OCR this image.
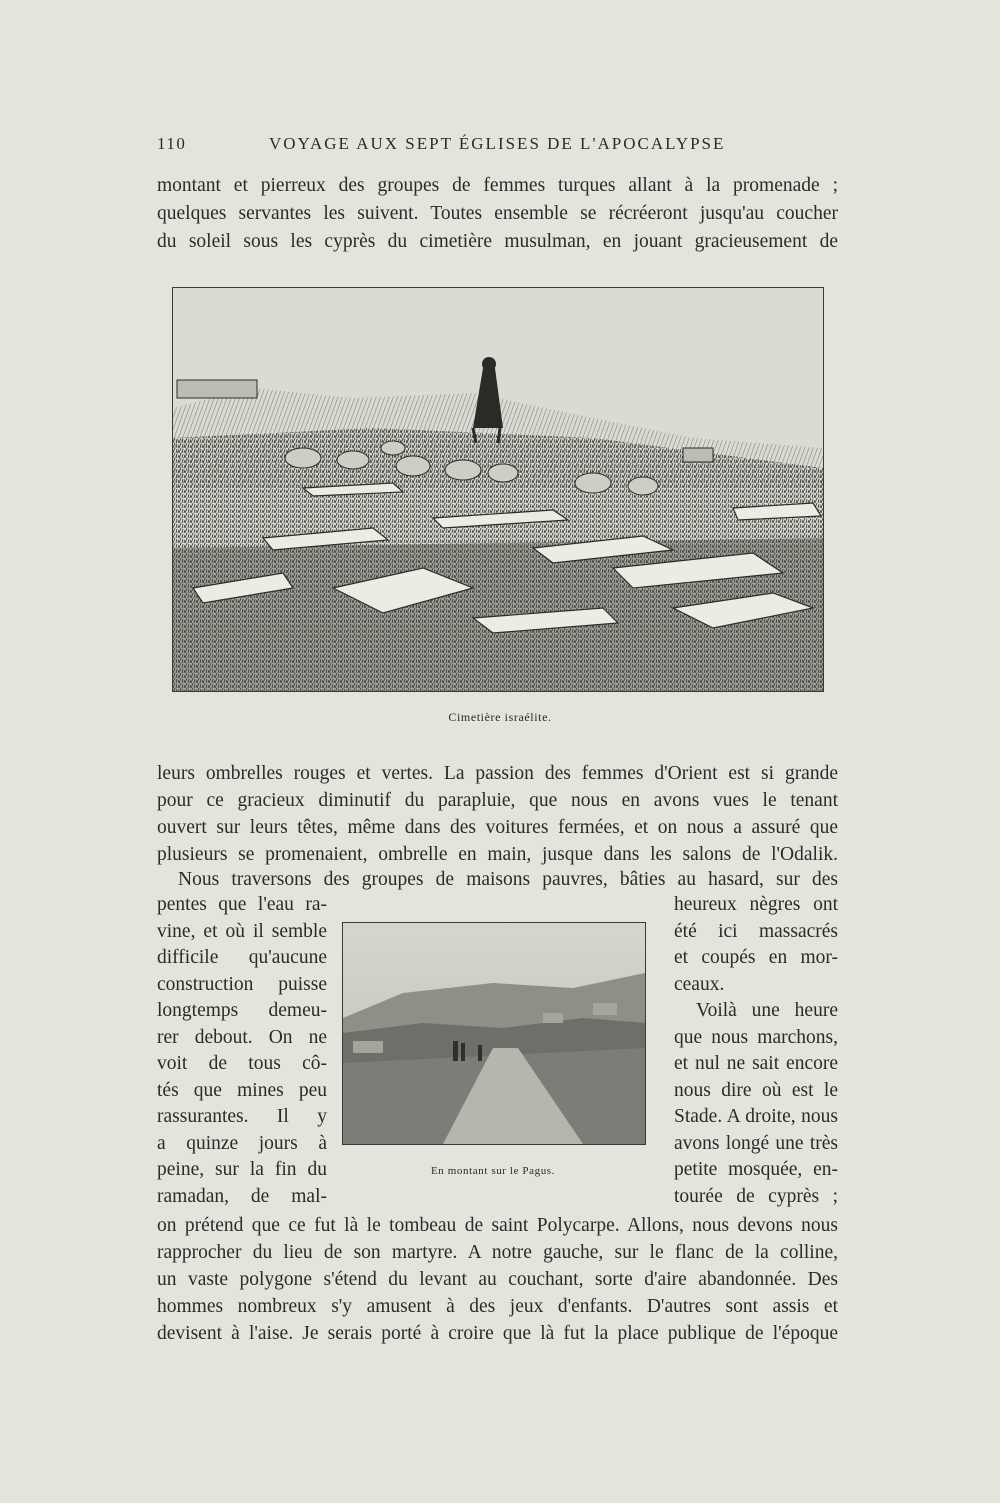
110	VOYAGE AUX SEPT ÉGLISES DE L'APOCALYPSE
montant et pierreux des groupes de femmes turques allant à la promenade ;
quelques servantes les suivent. Toutes ensemble se récréeront jusqu'au coucher
du soleil sous les cyprès du cimetière musulman, en jouant gracieusement de
Cimetière israélite.
leurs ombrelles rouges et vertes. La passion des femmes d'Orient est si grande
pour ce gracieux diminutif du parapluie, que nous en avons vues le tenant
ouvert sur leurs têtes, même dans des voitures fermées, et on nous a assuré que
plusieurs se promenaient, ombrelle en main, jusque dans les salons de l'Odalik.
Nous traversons des groupes de maisons pauvres, bâties au hasard, sur des
pentes que l'eau ra-
vine, et où il semble
difficile qu'aucune
construction puisse
longtemps demeu-
rer debout. On ne
voit de tous cô-
tés que mines peu
rassurantes. Il y
a quinze jours à
peine, sur la fin du
ramadan, de mal-
En montant sur le Pagus.
heureux nègres ont
été ici massacrés
et coupés en mor-
ceaux.
Voilà une heure
que nous marchons,
et nul ne sait encore
nous dire où est le
Stade. A droite, nous
avons longé une très
petite mosquée, en-
tourée de cyprès ;
on prétend que ce fut là le tombeau de saint Polycarpe. Allons, nous devons nous
rapprocher du lieu de son martyre. A notre gauche, sur le flanc de la colline,
un vaste polygone s'étend du levant au couchant, sorte d'aire abandonnée. Des
hommes nombreux s'y amusent à des jeux d'enfants. D'autres sont assis et
devisent à l'aise. Je serais porté à croire que là fut la place publique de l'époque
